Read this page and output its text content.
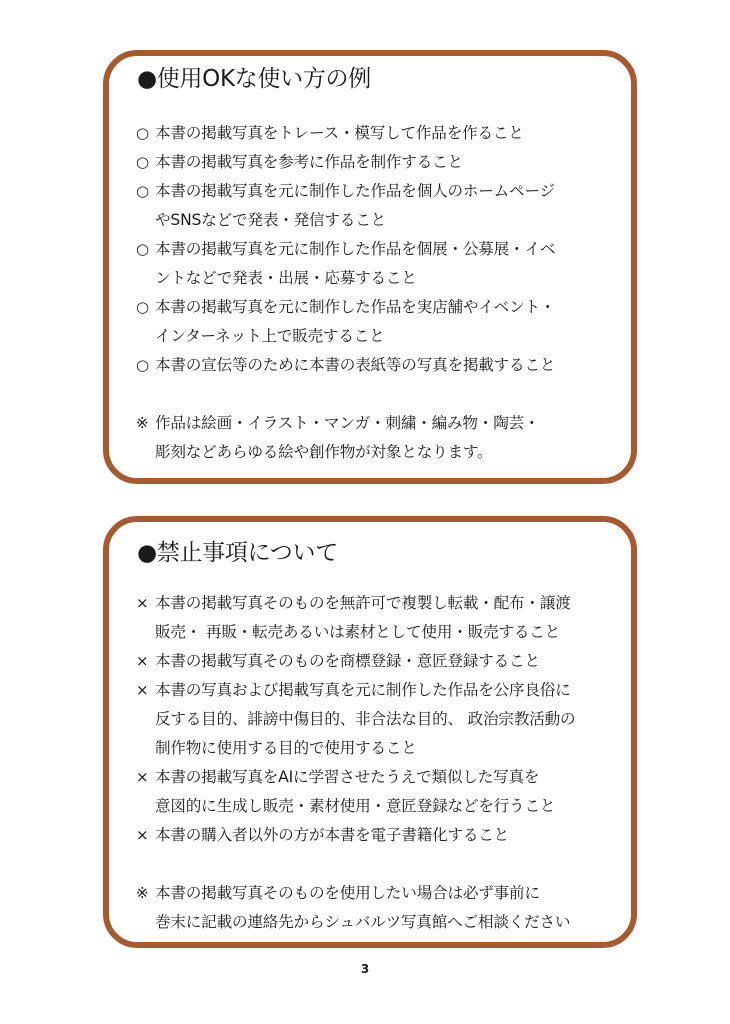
●使用OKな使い方の例
○ 本書の掲載写真をトレース・模写して作品を作ること
○ 本書の掲載写真を参考に作品を制作すること
○ 本書の掲載写真を元に制作した作品を個人のホームページ
やSNSなどで発表・発信すること
○ 本書の掲載写真を元に制作した作品を個展・公募展・イベ
ントなどで発表・出展・応募すること
○ 本書の掲載写真を元に制作した作品を実店舗やイベント・
インターネット上で販売すること
○ 本書の宣伝等のために本書の表紙等の写真を掲載すること
※ 作品は絵画・イラスト・マンガ・刺繍・編み物・陶芸・
彫刻などあらゆる絵や創作物が対象となります。
●禁止事項について
× 本書の掲載写真そのものを無許可で複製し転載・配布・譲渡
販売・ 再販・転売あるいは素材として使用・販売すること
× 本書の掲載写真そのものを商標登録・意匠登録すること
× 本書の写真および掲載写真を元に制作した作品を公序良俗に
反する目的、誹謗中傷目的、非合法な目的、 政治宗教活動の
制作物に使用する目的で使用すること
× 本書の掲載写真をAIに学習させたうえで類似した写真を
意図的に生成し販売・素材使用・意匠登録などを行うこと
× 本書の購入者以外の方が本書を電子書籍化すること
※ 本書の掲載写真そのものを使用したい場合は必ず事前に
巻末に記載の連絡先からシュバルツ写真館へご相談ください
3
